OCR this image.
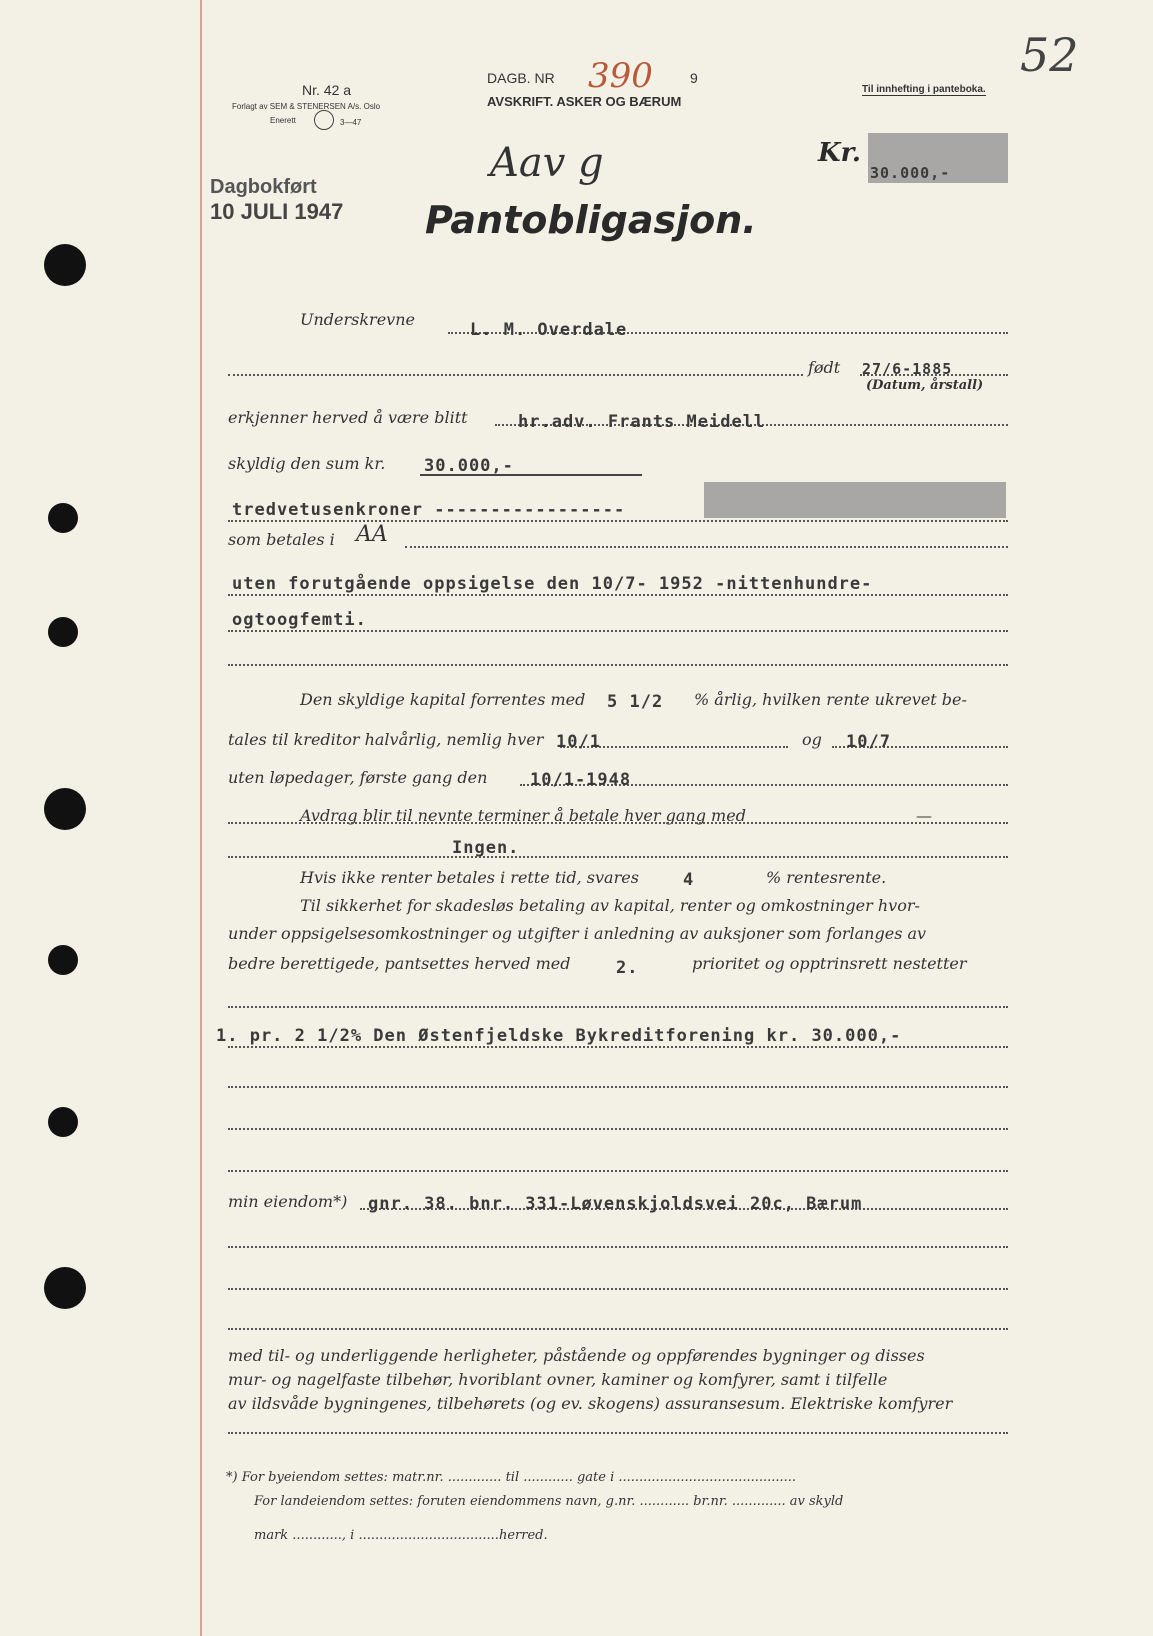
Nr. 42 a
Forlagt av SEM & STENERSEN A/s. Oslo
Enerett	3—47
DAGB. NR 390	9
AVSKRIFT. ASKER OG BÆRUM
Til innhefting i panteboka.
52
Dagbokført
10 JULI 1947
Aav g	Kr.
30.000,-
Pantobligasjon.
Underskrevne
L. M. Overdale
født 27/6-1885
(Datum, årstall)
erkjenner herved å være blitt	hr.adv. Frants Meidell
skyldig den sum kr. 30.000,-
tredvetusenkroner -----------------
som betales i AA
uten forutgående oppsigelse den 10/7- 1952 -nittenhundre-
ogtoogfemti.
Den skyldige kapital forrentes med 5 1/2 % årlig, hvilken rente ukrevet be-
tales til kreditor halvårlig, nemlig hver 10/1	og 10/7
uten løpedager, første gang den	10/1-1948
Avdrag blir til nevnte terminer å betale hver gang med	—
Ingen.
Hvis ikke renter betales i rette tid, svares	4	% rentesrente.
Til sikkerhet for skadesløs betaling av kapital, renter og omkostninger hvor-
under oppsigelsesomkostninger og utgifter i anledning av auksjoner som forlanges av
bedre berettigede, pantsettes herved med	2.	prioritet og opptrinsrett nestetter
1. pr. 2 1/2% Den Østenfjeldske Bykreditforening kr. 30.000,-
min eiendom*) gnr. 38. bnr. 331-Løvenskjoldsvei 20c, Bærum
med til- og underliggende herligheter, påstående og oppførendes bygninger og disses
mur- og nagelfaste tilbehør, hvoriblant ovner, kaminer og komfyrer, samt i tilfelle
av ildsvåde bygningenes, tilbehørets (og ev. skogens) assuransesum. Elektriske komfyrer
*) For byeiendom settes: matr.nr. ............. til ............ gate i ...........................................
For landeiendom settes: foruten eiendommens navn, g.nr. ............ br.nr. ............. av skyld
mark ............, i ..................................herred.
